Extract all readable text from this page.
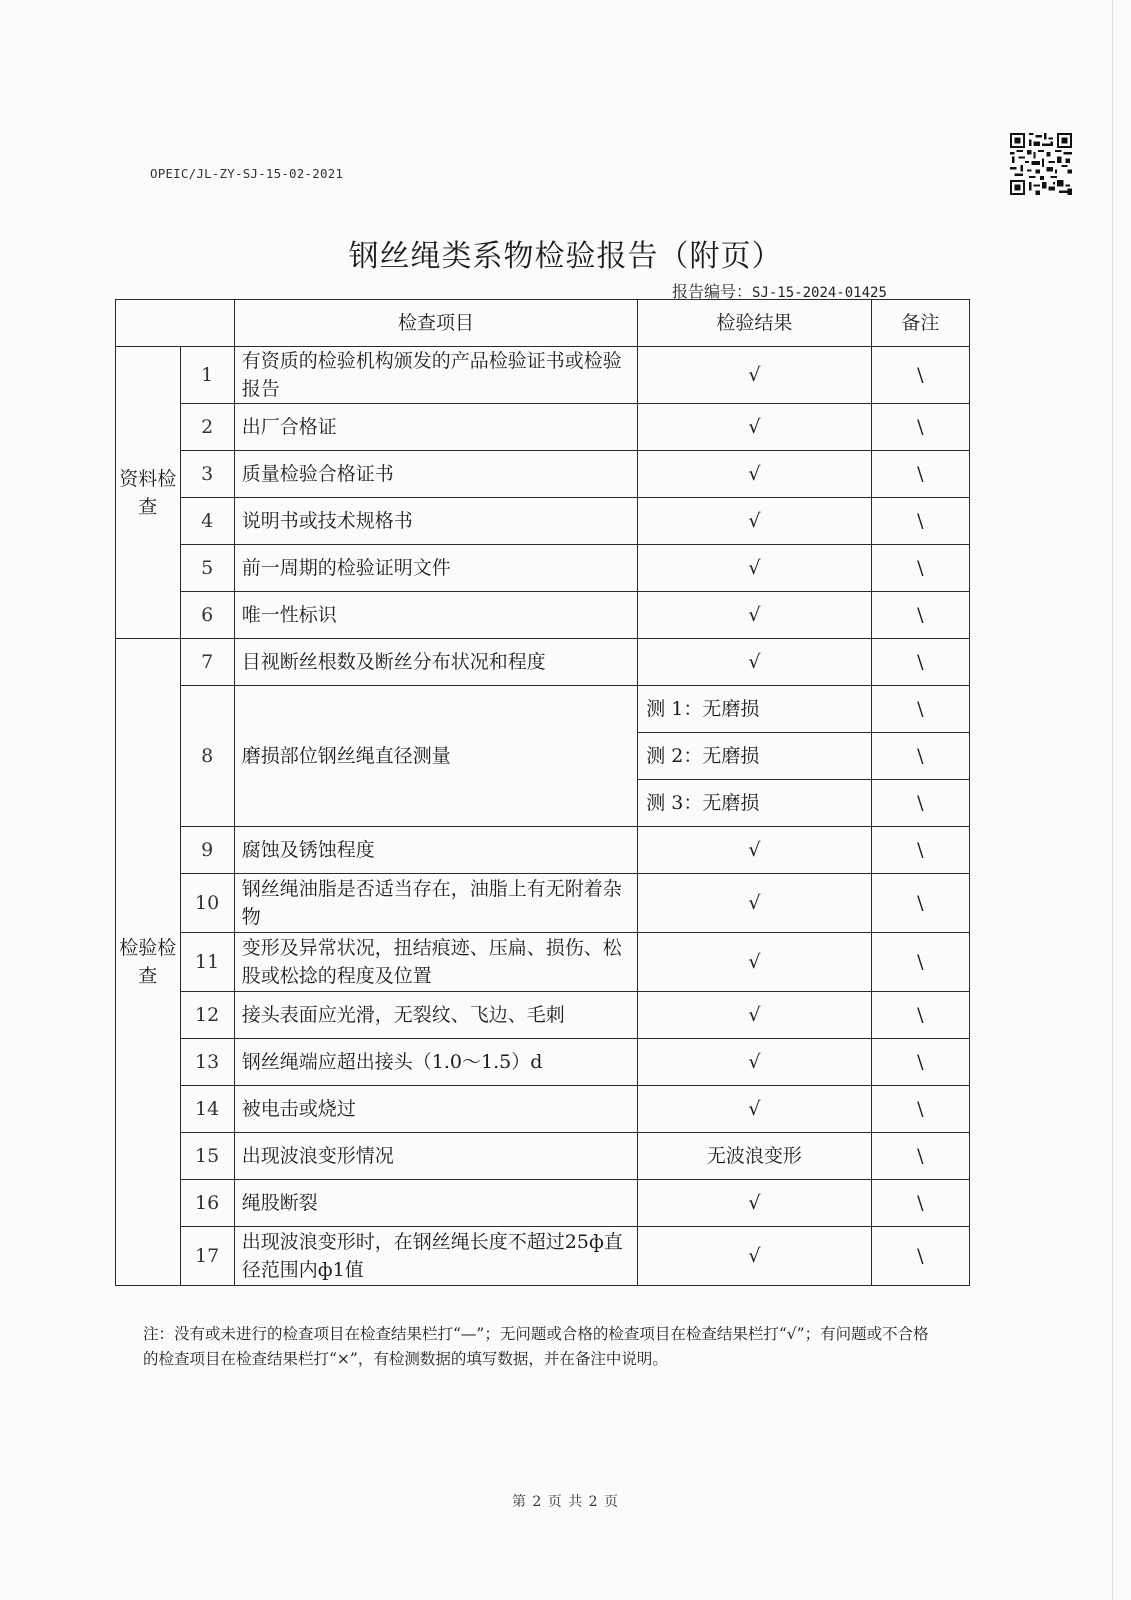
OPEIC/JL-ZY-SJ-15-02-2021
钢丝绳类系物检验报告（附页）
报告编号：SJ-15-2024-01425
		检查项目	检验结果	备注
资料检查	1	有资质的检验机构颁发的产品检验证书或检验报告	√	\
	2	出厂合格证	√	\
	3	质量检验合格证书	√	\
	4	说明书或技术规格书	√	\
	5	前一周期的检验证明文件	√	\
	6	唯一性标识	√	\
检验检查	7	目视断丝根数及断丝分布状况和程度	√	\
	8	磨损部位钢丝绳直径测量	测 1：无磨损	\
			测 2：无磨损	\
			测 3：无磨损	\
	9	腐蚀及锈蚀程度	√	\
	10	钢丝绳油脂是否适当存在，油脂上有无附着杂物	√	\
	11	变形及异常状况，扭结痕迹、压扁、损伤、松股或松捻的程度及位置	√	\
	12	接头表面应光滑，无裂纹、飞边、毛刺	√	\
	13	钢丝绳端应超出接头（1.0～1.5）d	√	\
	14	被电击或烧过	√	\
	15	出现波浪变形情况	无波浪变形	\
	16	绳股断裂	√	\
	17	出现波浪变形时，在钢丝绳长度不超过25ф直径范围内ф1值	√	\

注：没有或未进行的检查项目在检查结果栏打“—”；无问题或合格的检查项目在检查结果栏打“√”；有问题或不合格的检查项目在检查结果栏打“×”，有检测数据的填写数据，并在备注中说明。

第 2 页 共 2 页
